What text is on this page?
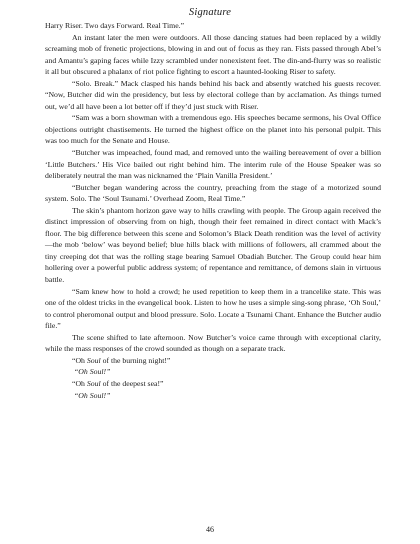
Signature

Harry Riser. Two days Forward. Real Time.”

An instant later the men were outdoors. All those dancing statues had been replaced by a wildly screaming mob of frenetic projections, blowing in and out of focus as they ran. Fists passed through Abel’s and Amantu’s gaping faces while Izzy scrambled under nonexistent feet. The din-and-flurry was so realistic it all but obscured a phalanx of riot police fighting to escort a haunted-looking Riser to safety.

“Solo. Break.” Mack clasped his hands behind his back and absently watched his guests recover. “Now, Butcher did win the presidency, but less by electoral college than by acclamation. As things turned out, we’d all have been a lot better off if they’d just stuck with Riser.

“Sam was a born showman with a tremendous ego. His speeches became sermons, his Oval Office objections outright chastisements. He turned the highest office on the planet into his personal pulpit. This was too much for the Senate and House.

“Butcher was impeached, found mad, and removed unto the wailing bereavement of over a billion ‘Little Butchers.’ His Vice bailed out right behind him. The interim rule of the House Speaker was so deliberately neutral the man was nicknamed the ‘Plain Vanilla President.’

“Butcher began wandering across the country, preaching from the stage of a motorized sound system. Solo. The ‘Soul Tsunami.’ Overhead Zoom, Real Time.”

The skin’s phantom horizon gave way to hills crawling with people. The Group again received the distinct impression of observing from on high, though their feet remained in direct contact with Mack’s floor. The big difference between this scene and Solomon’s Black Death rendition was the level of activity—the mob ‘below’ was beyond belief; blue hills black with millions of followers, all crammed about the tiny creeping dot that was the rolling stage bearing Samuel Obadiah Butcher. The Group could hear him hollering over a powerful public address system; of repentance and remittance, of demons slain in virtuous battle.

“Sam knew how to hold a crowd; he used repetition to keep them in a trancelike state. This was one of the oldest tricks in the evangelical book. Listen to how he uses a simple sing-song phrase, ‘Oh Soul,’ to control pheromonal output and blood pressure. Solo. Locate a Tsunami Chant. Enhance the Butcher audio file.”

The scene shifted to late afternoon. Now Butcher’s voice came through with exceptional clarity, while the mass responses of the crowd sounded as though on a separate track.

“Oh Soul of the burning night!”

“Oh Soul!”

“Oh Soul of the deepest sea!”

“Oh Soul!”

46
